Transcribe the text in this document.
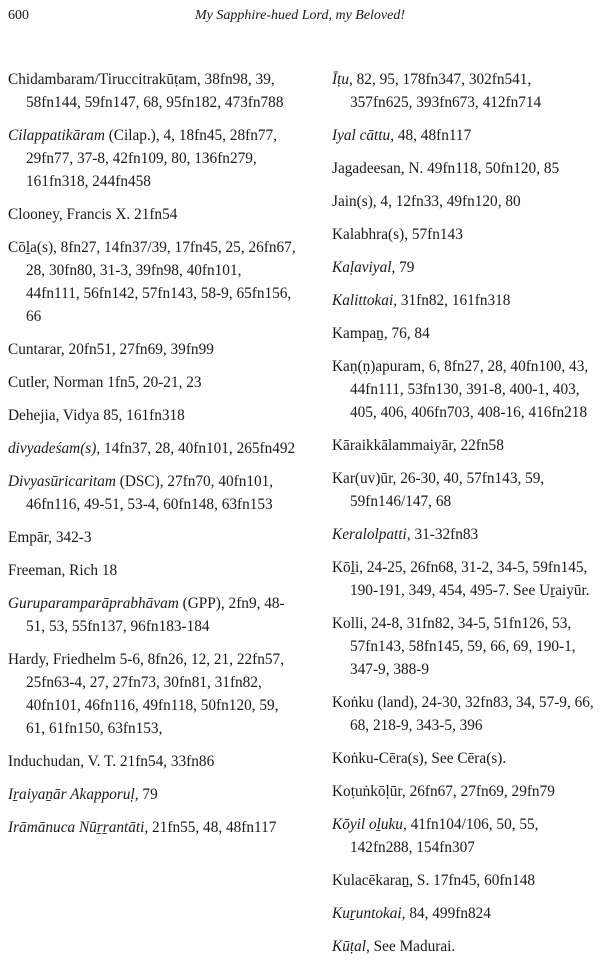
600	My Sapphire-hued Lord, my Beloved!
Chidambaram/Tiruccitrakūṭam, 38fn98, 39, 58fn144, 59fn147, 68, 95fn182, 473fn788
Cilappatikāram (Cilap.), 4, 18fn45, 28fn77, 29fn77, 37-8, 42fn109, 80, 136fn279, 161fn318, 244fn458
Clooney, Francis X. 21fn54
Cōḻa(s), 8fn27, 14fn37/39, 17fn45, 25, 26fn67, 28, 30fn80, 31-3, 39fn98, 40fn101, 44fn111, 56fn142, 57fn143, 58-9, 65fn156, 66
Cuntarar, 20fn51, 27fn69, 39fn99
Cutler, Norman 1fn5, 20-21, 23
Dehejia, Vidya 85, 161fn318
divyadeśam(s), 14fn37, 28, 40fn101, 265fn492
Divyasūricaritam (DSC), 27fn70, 40fn101, 46fn116, 49-51, 53-4, 60fn148, 63fn153
Empār, 342-3
Freeman, Rich 18
Guruparamparāprabhāvam (GPP), 2fn9, 48-51, 53, 55fn137, 96fn183-184
Hardy, Friedhelm 5-6, 8fn26, 12, 21, 22fn57, 25fn63-4, 27, 27fn73, 30fn81, 31fn82, 40fn101, 46fn116, 49fn118, 50fn120, 59, 61, 61fn150, 63fn153,
Induchudan, V. T. 21fn54, 33fn86
Iṟaiyaṉār Akapporuḷ, 79
Irāmānuca Nūṟṟantāti, 21fn55, 48, 48fn117
Īṭu, 82, 95, 178fn347, 302fn541, 357fn625, 393fn673, 412fn714
Iyal cāttu, 48, 48fn117
Jagadeesan, N. 49fn118, 50fn120, 85
Jain(s), 4, 12fn33, 49fn120, 80
Kalabhra(s), 57fn143
Kaḷaviyal, 79
Kalittokai, 31fn82, 161fn318
Kampaṉ, 76, 84
Kaṇ(ṇ)apuram, 6, 8fn27, 28, 40fn100, 43, 44fn111, 53fn130, 391-8, 400-1, 403, 405, 406, 406fn703, 408-16, 416fn218
Kāraikkālammaiyār, 22fn58
Kar(uv)ūr, 26-30, 40, 57fn143, 59, 59fn146/147, 68
Keralolpatti, 31-32fn83
Kōḻi, 24-25, 26fn68, 31-2, 34-5, 59fn145, 190-191, 349, 454, 495-7. See Uṟaiyūr.
Kolli, 24-8, 31fn82, 34-5, 51fn126, 53, 57fn143, 58fn145, 59, 66, 69, 190-1, 347-9, 388-9
Koṅku (land), 24-30, 32fn83, 34, 57-9, 66, 68, 218-9, 343-5, 396
Koṅku-Cēra(s), See Cēra(s).
Koṭuṅkōḷūr, 26fn67, 27fn69, 29fn79
Kōyil oḻuku, 41fn104/106, 50, 55, 142fn288, 154fn307
Kulacēkaraṉ, S. 17fn45, 60fn148
Kuṟuntokai, 84, 499fn824
Kūṭal, See Madurai.
